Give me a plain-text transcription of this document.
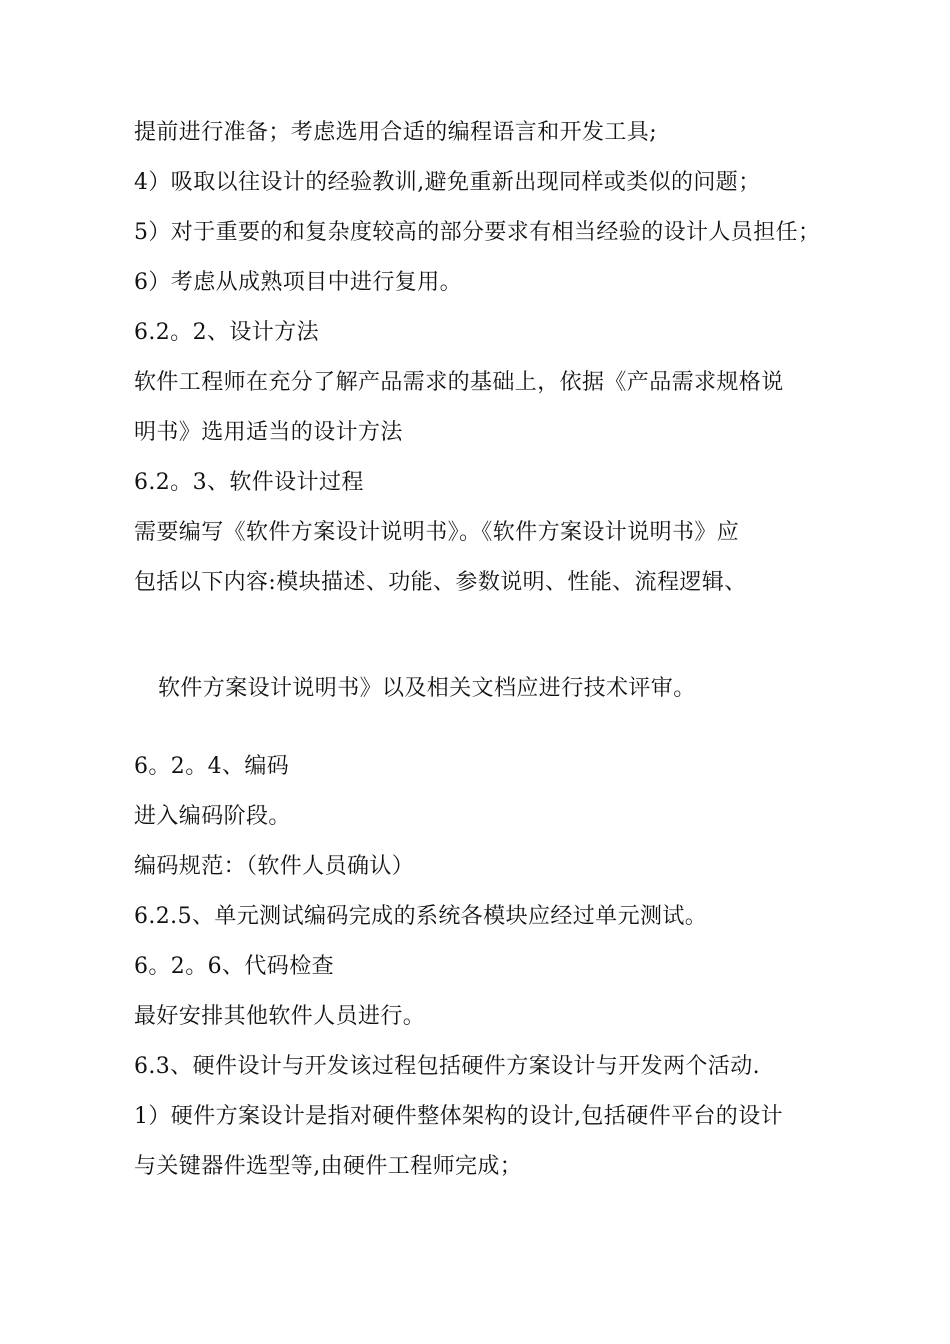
提前进行准备；考虑选用合适的编程语言和开发工具;
4）吸取以往设计的经验教训,避免重新出现同样或类似的问题；
5）对于重要的和复杂度较高的部分要求有相当经验的设计人员担任；
6）考虑从成熟项目中进行复用。
6.2。2、设计方法
软件工程师在充分了解产品需求的基础上，依据《产品需求规格说
明书》选用适当的设计方法
6.2。3、软件设计过程
需要编写《软件方案设计说明书》。《软件方案设计说明书》应
包括以下内容:模块描述、功能、参数说明、性能、流程逻辑、
软件方案设计说明书》以及相关文档应进行技术评审。
6。2。4、编码
进入编码阶段。
编码规范：（软件人员确认）
6.2.5、单元测试编码完成的系统各模块应经过单元测试。
6。2。6、代码检查
最好安排其他软件人员进行。
6.3、硬件设计与开发该过程包括硬件方案设计与开发两个活动.
1）硬件方案设计是指对硬件整体架构的设计,包括硬件平台的设计
与关键器件选型等,由硬件工程师完成；
